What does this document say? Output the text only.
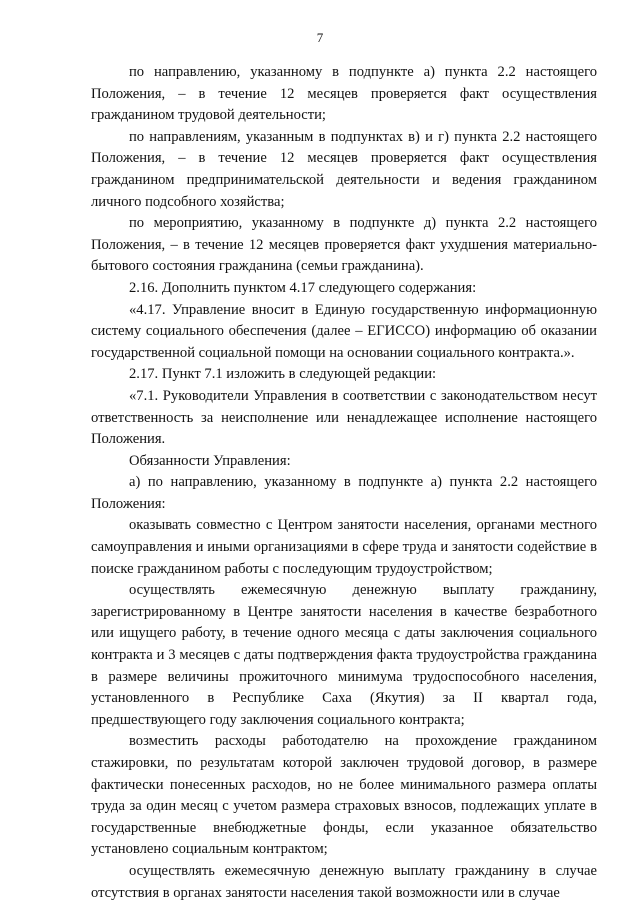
7

по направлению, указанному в подпункте а) пункта 2.2 настоящего Положения, – в течение 12 месяцев проверяется факт осуществления гражданином трудовой деятельности;

по направлениям, указанным в подпунктах в) и г) пункта 2.2 настоящего Положения, – в течение 12 месяцев проверяется факт осуществления гражданином предпринимательской деятельности и ведения гражданином личного подсобного хозяйства;

по мероприятию, указанному в подпункте д) пункта 2.2 настоящего Положения, – в течение 12 месяцев проверяется факт ухудшения материально-бытового состояния гражданина (семьи гражданина).

2.16. Дополнить пунктом 4.17 следующего содержания:

«4.17. Управление вносит в Единую государственную информационную систему социального обеспечения (далее – ЕГИССО) информацию об оказании государственной социальной помощи на основании социального контракта.».

2.17. Пункт 7.1 изложить в следующей редакции:

«7.1. Руководители Управления в соответствии с законодательством несут ответственность за неисполнение или ненадлежащее исполнение настоящего Положения.

Обязанности Управления:

а) по направлению, указанному в подпункте а) пункта 2.2 настоящего Положения:

оказывать совместно с Центром занятости населения, органами местного самоуправления и иными организациями в сфере труда и занятости содействие в поиске гражданином работы с последующим трудоустройством;

осуществлять ежемесячную денежную выплату гражданину, зарегистрированному в Центре занятости населения в качестве безработного или ищущего работу, в течение одного месяца с даты заключения социального контракта и 3 месяцев с даты подтверждения факта трудоустройства гражданина в размере величины прожиточного минимума трудоспособного населения, установленного в Республике Саха (Якутия) за II квартал года, предшествующего году заключения социального контракта;

возместить расходы работодателю на прохождение гражданином стажировки, по результатам которой заключен трудовой договор, в размере фактически понесенных расходов, но не более минимального размера оплаты труда за один месяц с учетом размера страховых взносов, подлежащих уплате в государственные внебюджетные фонды, если указанное обязательство установлено социальным контрактом;

осуществлять ежемесячную денежную выплату гражданину в случае отсутствия в органах занятости населения такой возможности или в случае
